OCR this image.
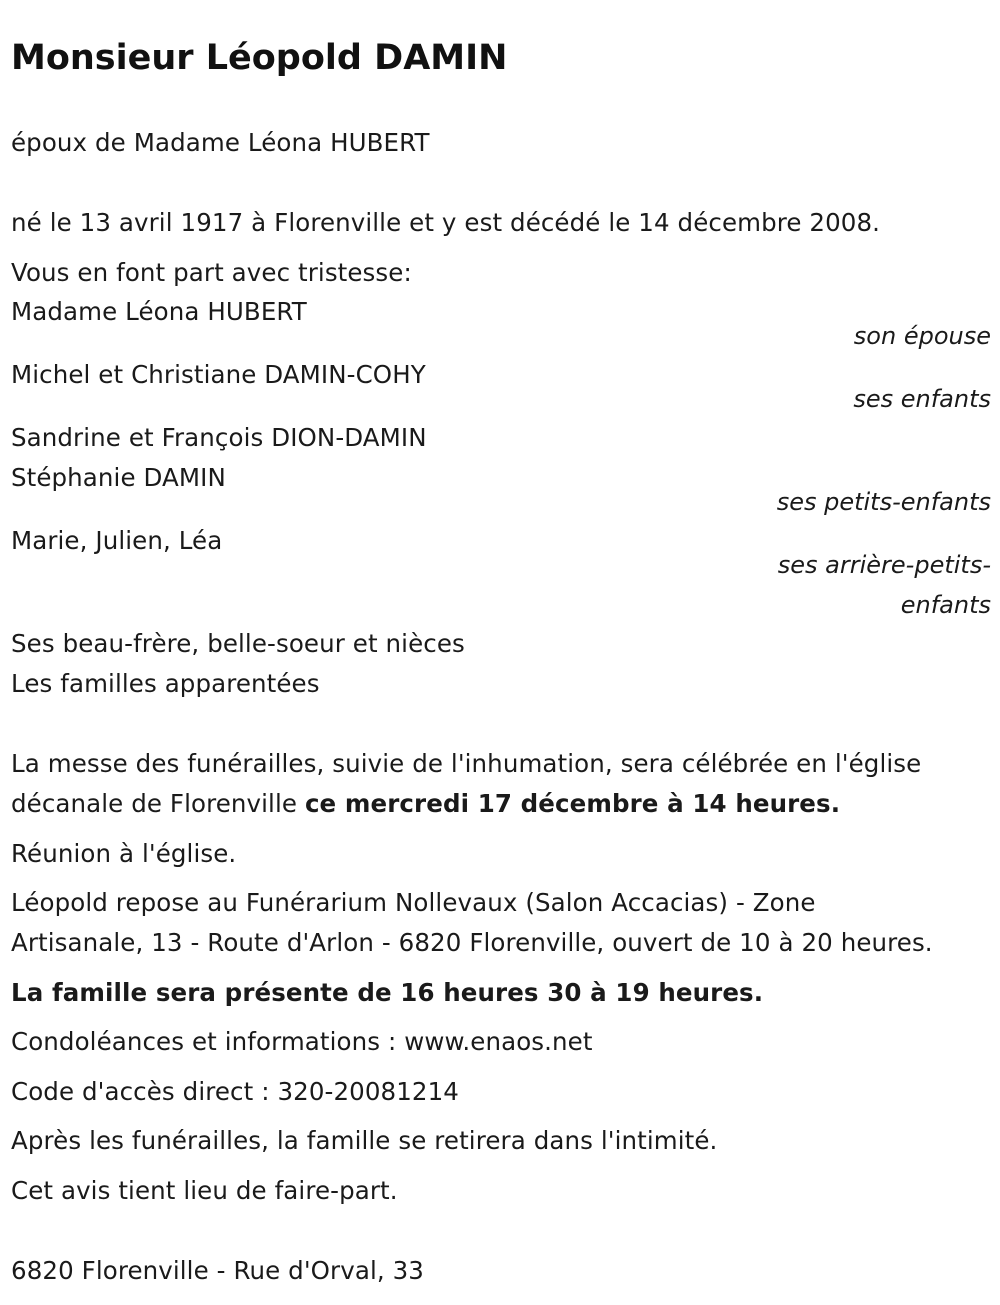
Monsieur Léopold DAMIN
époux de Madame Léona HUBERT
né le 13 avril 1917 à Florenville et y est décédé le 14 décembre 2008.
Vous en font part avec tristesse:
Madame Léona HUBERT
son épouse
Michel et Christiane DAMIN-COHY
ses enfants
Sandrine et François DION-DAMIN
Stéphanie DAMIN
ses petits-enfants
Marie, Julien, Léa
ses arrière-petits-
enfants
Ses beau-frère, belle-soeur et nièces
Les familles apparentées
La messe des funérailles, suivie de l'inhumation, sera célébrée en l'église
décanale de Florenville ce mercredi 17 décembre à 14 heures.
Réunion à l'église.
Léopold repose au Funérarium Nollevaux (Salon Accacias) - Zone
Artisanale, 13 - Route d'Arlon - 6820 Florenville, ouvert de 10 à 20 heures.
La famille sera présente de 16 heures 30 à 19 heures.
Condoléances et informations : www.enaos.net
Code d'accès direct : 320-20081214
Après les funérailles, la famille se retirera dans l'intimité.
Cet avis tient lieu de faire-part.
6820 Florenville - Rue d'Orval, 33
